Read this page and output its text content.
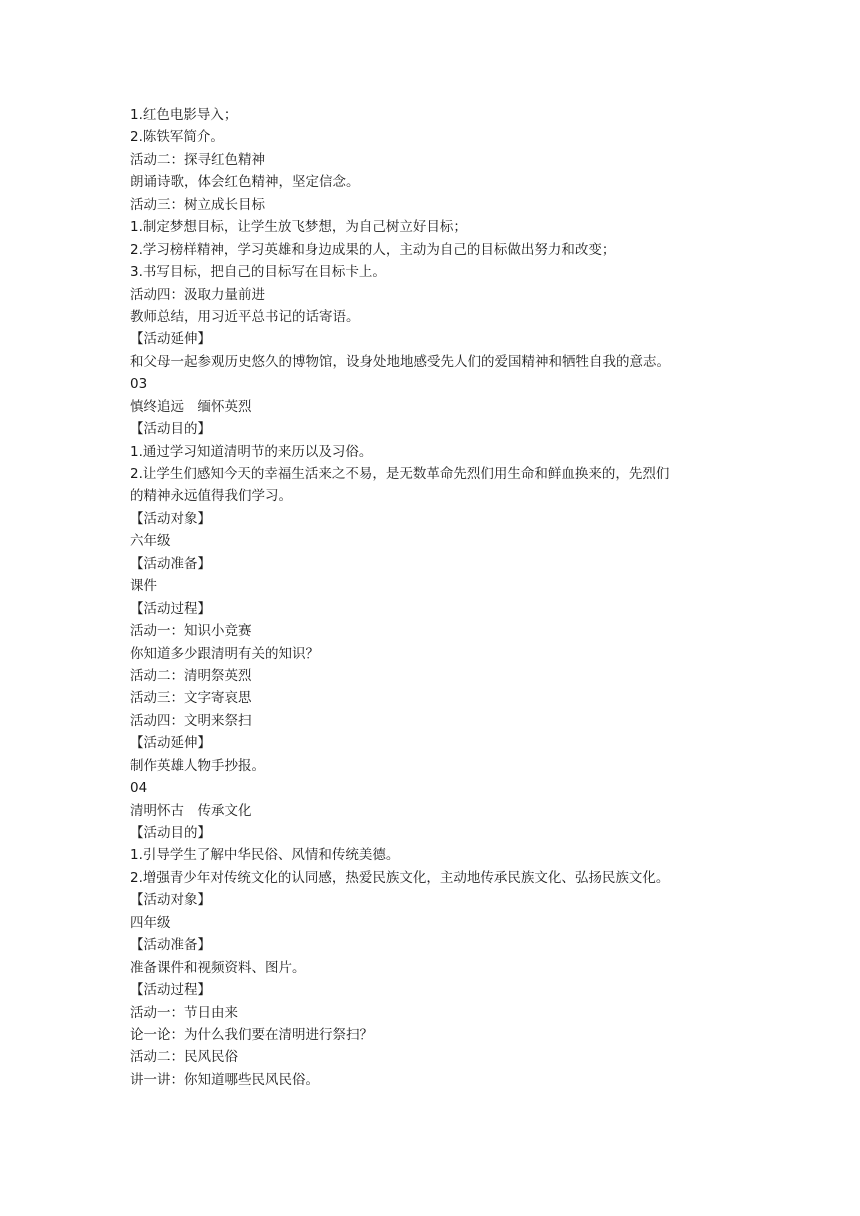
1.红色电影导入；
2.陈铁军简介。
活动二：探寻红色精神
朗诵诗歌，体会红色精神，坚定信念。
活动三：树立成长目标
1.制定梦想目标，让学生放飞梦想，为自己树立好目标；
2.学习榜样精神，学习英雄和身边成果的人，主动为自己的目标做出努力和改变；
3.书写目标，把自己的目标写在目标卡上。
活动四：汲取力量前进
教师总结，用习近平总书记的话寄语。
【活动延伸】
和父母一起参观历史悠久的博物馆，设身处地地感受先人们的爱国精神和牺牲自我的意志。
03
慎终追远　缅怀英烈
【活动目的】
1.通过学习知道清明节的来历以及习俗。
2.让学生们感知今天的幸福生活来之不易，是无数革命先烈们用生命和鲜血换来的，先烈们
的精神永远值得我们学习。
【活动对象】
六年级
【活动准备】
课件
【活动过程】
活动一：知识小竞赛
你知道多少跟清明有关的知识？
活动二：清明祭英烈
活动三：文字寄哀思
活动四：文明来祭扫
【活动延伸】
制作英雄人物手抄报。
04
清明怀古　传承文化
【活动目的】
1.引导学生了解中华民俗、风情和传统美德。
2.增强青少年对传统文化的认同感，热爱民族文化，主动地传承民族文化、弘扬民族文化。
【活动对象】
四年级
【活动准备】
准备课件和视频资料、图片。
【活动过程】
活动一：节日由来
论一论：为什么我们要在清明进行祭扫？
活动二：民风民俗
讲一讲：你知道哪些民风民俗。
